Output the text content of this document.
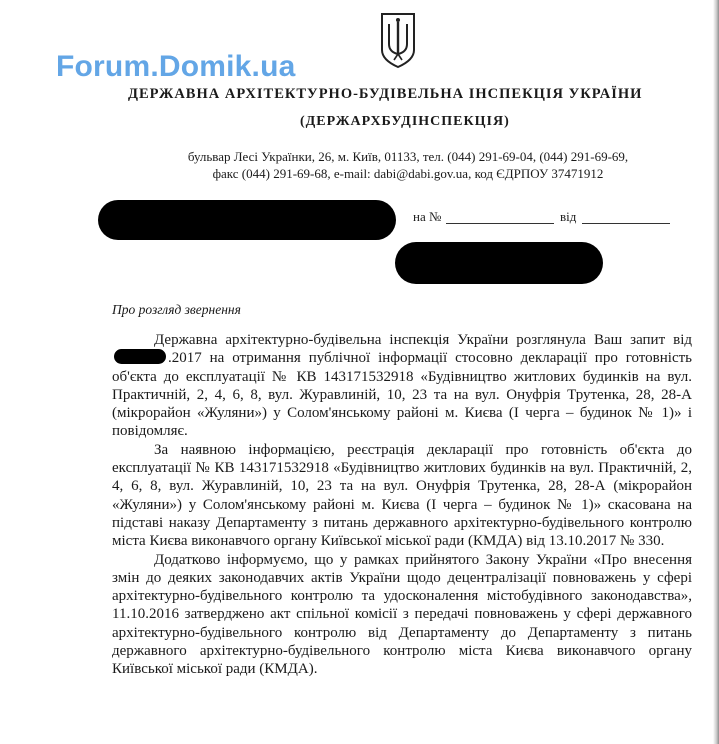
Forum.Domik.ua
ДЕРЖАВНА АРХІТЕКТУРНО-БУДІВЕЛЬНА ІНСПЕКЦІЯ УКРАЇНИ
(ДЕРЖАРХБУДІНСПЕКЦІЯ)
бульвар Лесі Українки, 26, м. Київ, 01133, тел. (044) 291-69-04, (044) 291-69-69,
факс (044) 291-69-68, e-mail: dabi@dabi.gov.ua, код ЄДРПОУ 37471912
на №	від
Про розгляд звернення

Державна архітектурно-будівельна інспекція України розглянула Ваш запит від.2017 на отримання публічної інформації стосовно декларації про готовність об'єкта до експлуатації № КВ 143171532918 «Будівництво житлових будинків на вул. Практичній, 2, 4, 6, 8, вул. Журавлиній, 10, 23 та на вул. Онуфрія Трутенка, 28, 28-А (мікрорайон «Жуляни») у Солом'янському районі м. Києва (І черга – будинок № 1)» і повідомляє.

За наявною інформацією, реєстрація декларації про готовність об'єкта до експлуатації № КВ 143171532918 «Будівництво житлових будинків на вул. Практичній, 2, 4, 6, 8, вул. Журавлиній, 10, 23 та на вул. Онуфрія Трутенка, 28, 28-А (мікрорайон «Жуляни») у Солом'янському районі м. Києва (І черга – будинок № 1)» скасована на підставі наказу Департаменту з питань державного архітектурно-будівельного контролю міста Києва виконавчого органу Київської міської ради (КМДА) від 13.10.2017 № 330.

Додатково інформуємо, що у рамках прийнятого Закону України «Про внесення змін до деяких законодавчих актів України щодо децентралізації повноважень у сфері архітектурно-будівельного контролю та удосконалення містобудівного законодавства», 11.10.2016 затверджено акт спільної комісії з передачі повноважень у сфері державного архітектурно-будівельного контролю від Департаменту до Департаменту з питань державного архітектурно-будівельного контролю міста Києва виконавчого органу Київської міської ради (КМДА).
